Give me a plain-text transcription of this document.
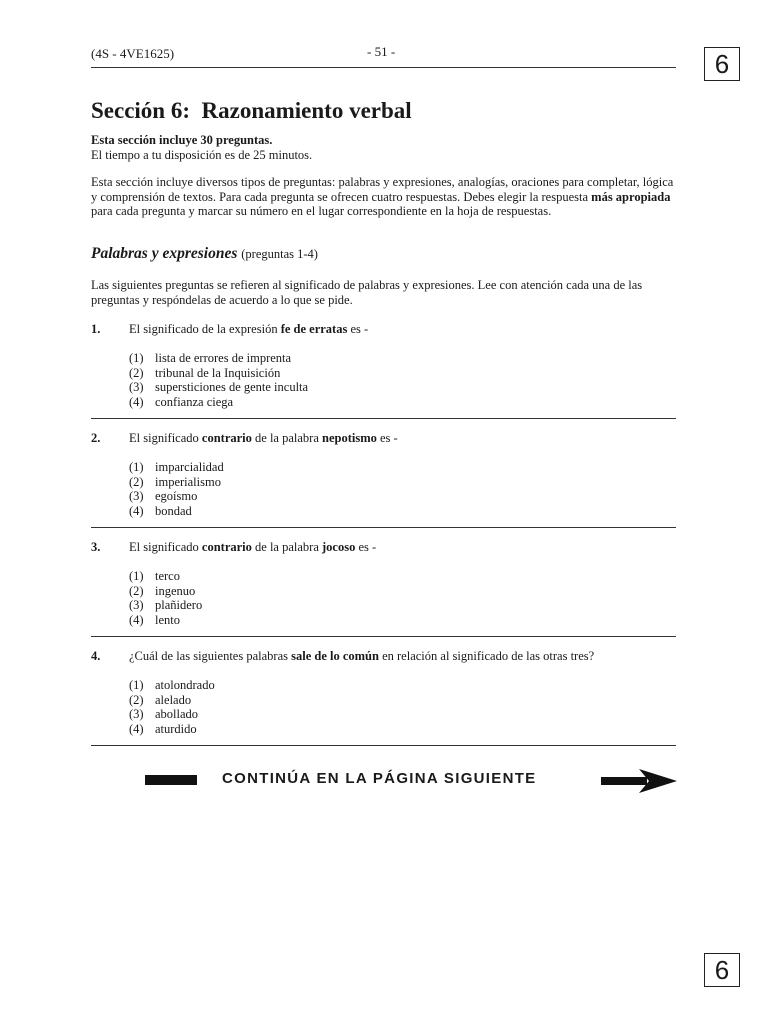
(4S - 4VE1625)	- 51 -	6
Sección 6:  Razonamiento verbal

Esta sección incluye 30 preguntas.
El tiempo a tu disposición es de 25 minutos.

Esta sección incluye diversos tipos de preguntas: palabras y expresiones, analogías, oraciones para completar, lógica y comprensión de textos. Para cada pregunta se ofrecen cuatro respuestas. Debes elegir la respuesta más apropiada para cada pregunta y marcar su número en el lugar correspondiente en la hoja de respuestas.

Palabras y expresiones (preguntas 1-4)
Las siguientes preguntas se refieren al significado de palabras y expresiones. Lee con atención cada una de las preguntas y respóndelas de acuerdo a lo que se pide.
1. El significado de la expresión fe de erratas es -
(1) lista de errores de imprenta
(2) tribunal de la Inquisición
(3) supersticiones de gente inculta
(4) confianza ciega
2. El significado contrario de la palabra nepotismo es -
(1) imparcialidad
(2) imperialismo
(3) egoísmo
(4) bondad
3. El significado contrario de la palabra jocoso es -
(1) terco
(2) ingenuo
(3) plañidero
(4) lento
4. ¿Cuál de las siguientes palabras sale de lo común en relación al significado de las otras tres?
(1) atolondrado
(2) alelado
(3) abollado
(4) aturdido
CONTINÚA EN LA PÁGINA SIGUIENTE
6
